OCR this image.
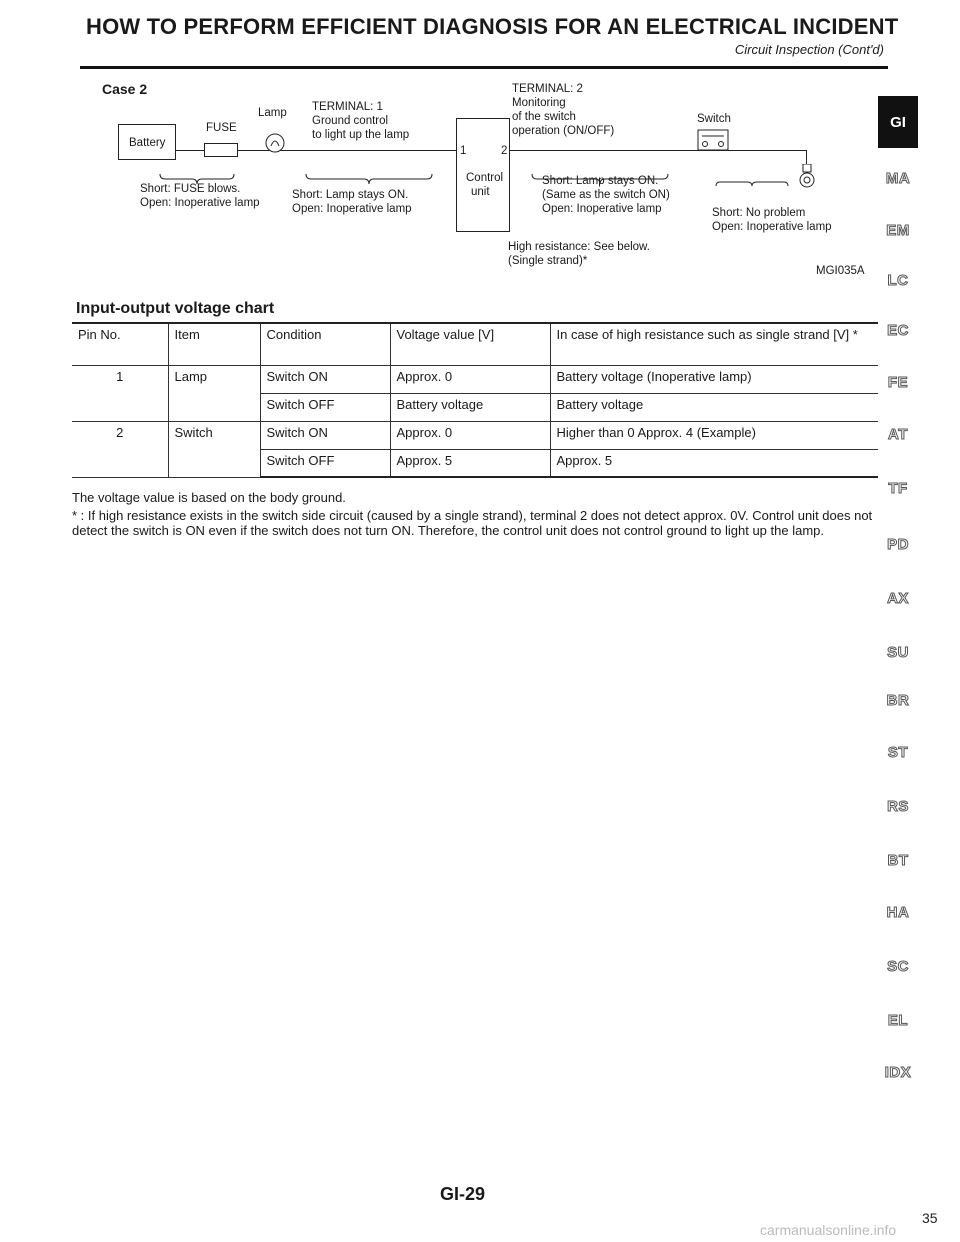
HOW TO PERFORM EFFICIENT DIAGNOSIS FOR AN ELECTRICAL INCIDENT
Circuit Inspection (Cont'd)
Case 2
Battery
FUSE
Lamp TERMINAL: 1
Ground control
to light up the lamp
1	2
Control
unit
TERMINAL: 2
Monitoring
of the switch
operation (ON/OFF)
Switch
Short: FUSE blows.
Open: Inoperative lamp
Short: Lamp stays ON.
Open: Inoperative lamp
Short: Lamp stays ON.
(Same as the switch ON)
Open: Inoperative lamp	Short: No problem
Open: Inoperative lamp
High resistance: See below.
(Single strand)*
MGI035A
Input-output voltage chart
Pin No.	Item	Condition	Voltage value [V]	In case of high resistance such as single strand [V] *
1	Lamp	Switch ON	Approx. 0	Battery voltage (Inoperative lamp)
		Switch OFF	Battery voltage	Battery voltage
2	Switch	Switch ON	Approx. 0	Higher than 0 Approx. 4 (Example)
		Switch OFF	Approx. 5	Approx. 5
The voltage value is based on the body ground.
* : If high resistance exists in the switch side circuit (caused by a single strand), terminal 2 does not detect approx. 0V. Control unit does not detect the switch is ON even if the switch does not turn ON. Therefore, the control unit does not control ground to light up the lamp.
GI
MA
EM
LC
EC
FE
AT
TF
PD
AX
SU
BR
ST
RS
BT
HA
SC
EL
IDX
GI-29
35
carmanualsonline.info
